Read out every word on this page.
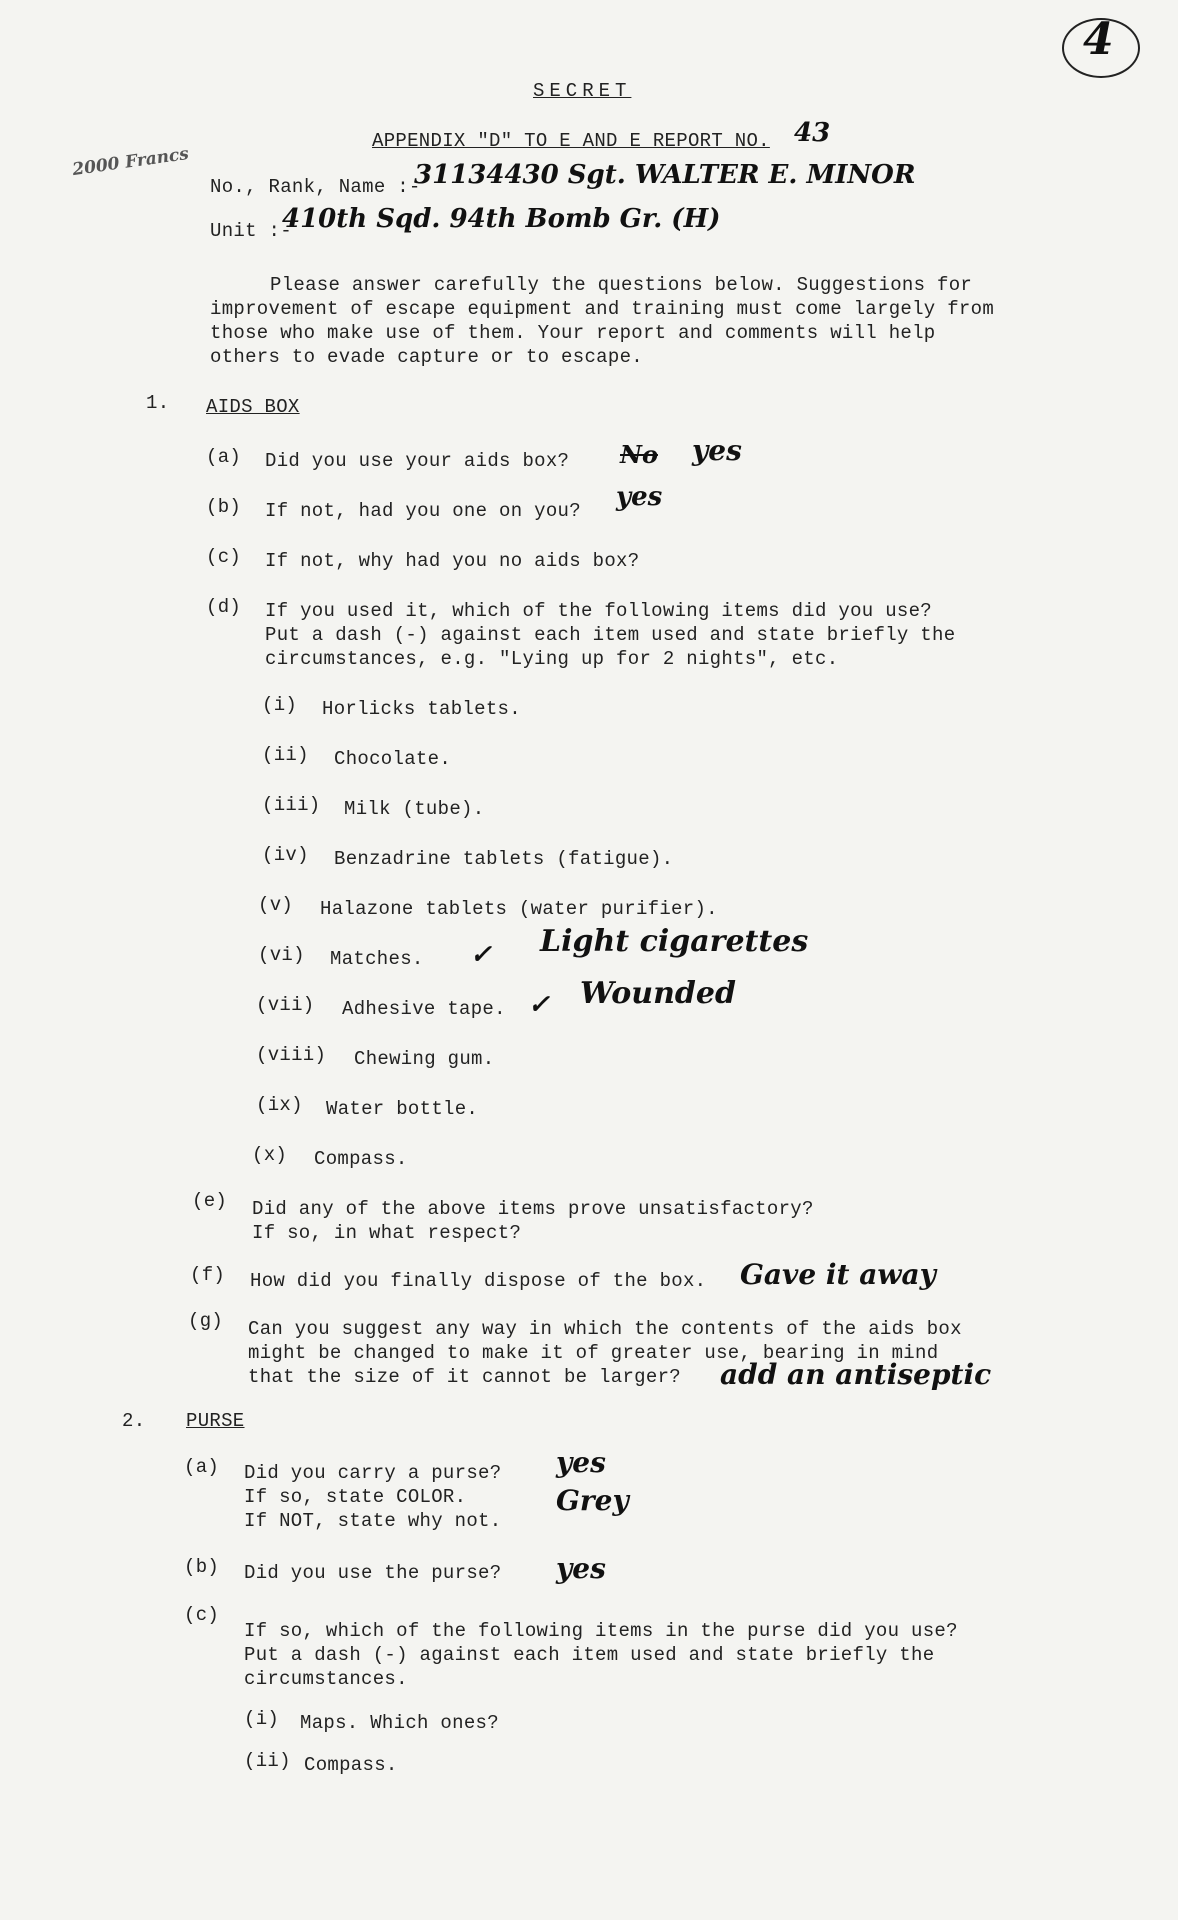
4
SECRET
APPENDIX "D" TO E AND E REPORT NO. 43
2000 Francs
No., Rank, Name :-
31134430 Sgt. WALTER E. MINOR
Unit :-
410th Sqd. 94th Bomb Gr. (H)
Please answer carefully the questions below. Suggestions for
improvement of escape equipment and training must come largely from
those who make use of them. Your report and comments will help
others to evade capture or to escape.
1. AIDS BOX
(a) Did you use your aids box? No yes
(b) If not, had you one on you? yes
(c) If not, why had you no aids box?
(d) If you used it, which of the following items did you use?
Put a dash (-) against each item used and state briefly the
circumstances, e.g. "Lying up for 2 nights", etc.
(i) Horlicks tablets.
(ii) Chocolate.
(iii) Milk (tube).
(iv) Benzadrine tablets (fatigue).
(v) Halazone tablets (water purifier).
(vi) Matches. ✓ Light cigarettes
(vii) Adhesive tape. ✓ Wounded
(viii) Chewing gum.
(ix) Water bottle.
(x) Compass.
(e) Did any of the above items prove unsatisfactory?
If so, in what respect?
(f) How did you finally dispose of the box. Gave it away
(g) Can you suggest any way in which the contents of the aids box
might be changed to make it of greater use, bearing in mind
that the size of it cannot be larger? add an antiseptic
2. PURSE
(a) Did you carry a purse?
If so, state COLOR.
If NOT, state why not.
yes
Grey
(b) Did you use the purse? yes
(c)
If so, which of the following items in the purse did you use?
Put a dash (-) against each item used and state briefly the
circumstances.
(i) Maps. Which ones?
(ii) Compass.
